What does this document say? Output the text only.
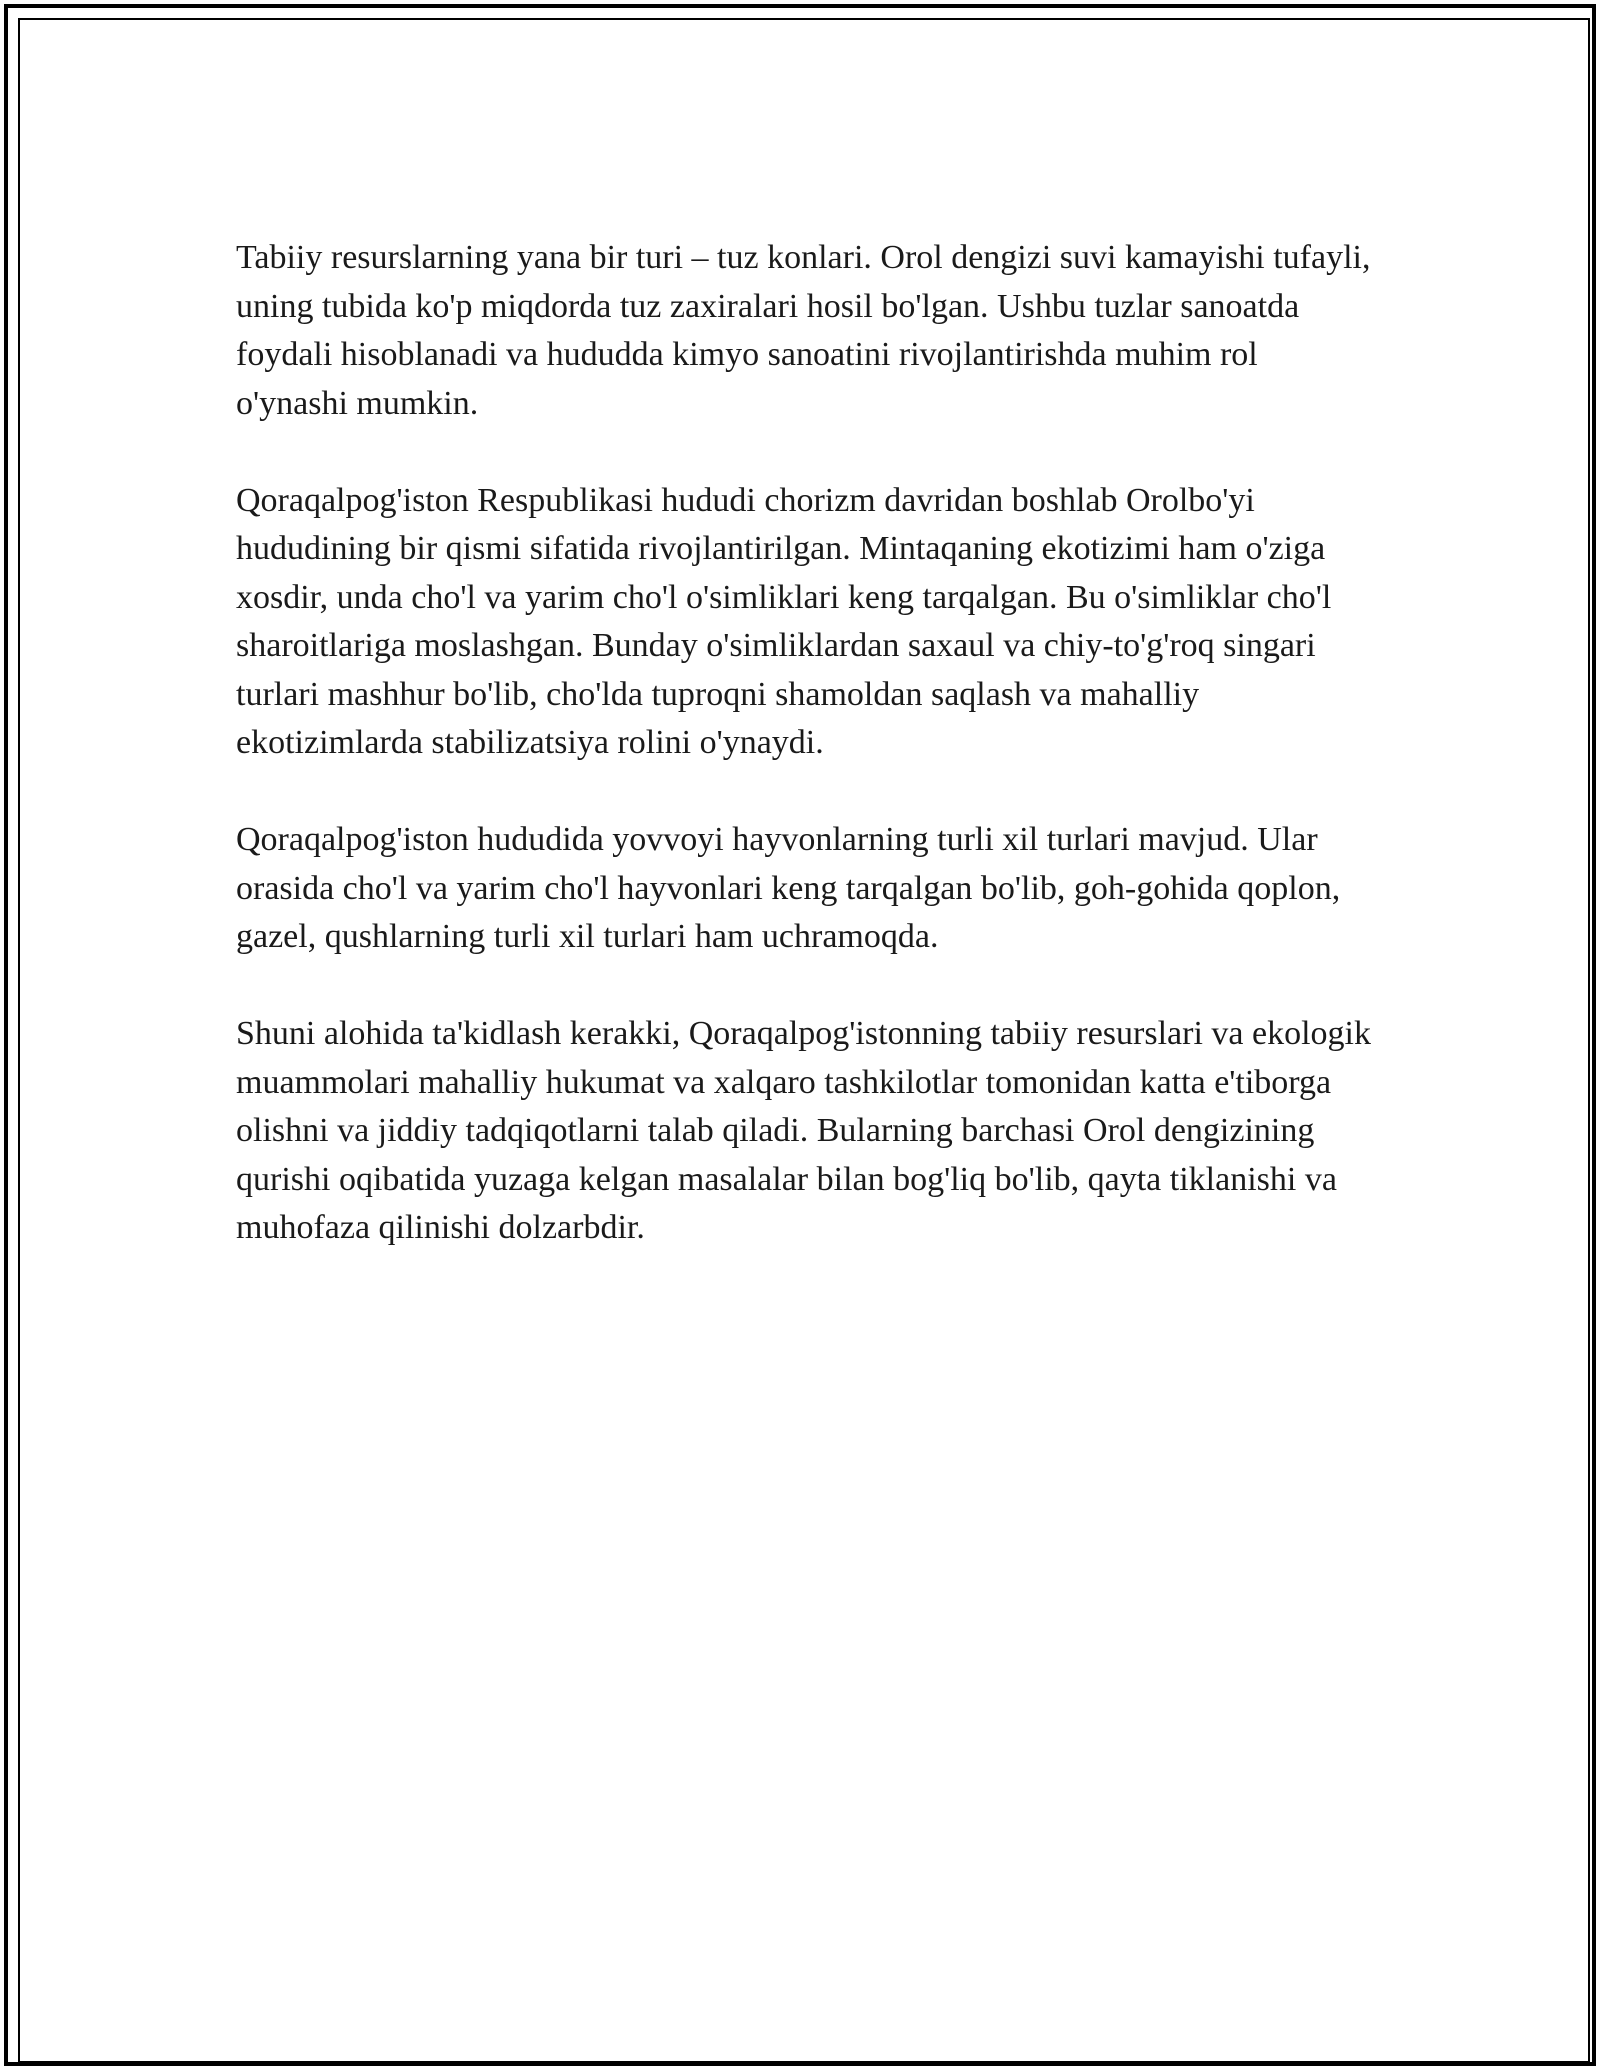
Tabiiy resurslarning yana bir turi – tuz konlari. Orol dengizi suvi kamayishi tufayli, uning tubida ko'p miqdorda tuz zaxiralari hosil bo'lgan. Ushbu tuzlar sanoatda foydali hisoblanadi va hududda kimyo sanoatini rivojlantirishda muhim rol o'ynashi mumkin.

Qoraqalpog'iston Respublikasi hududi chorizm davridan boshlab Orolbo'yi hududining bir qismi sifatida rivojlantirilgan. Mintaqaning ekotizimi ham o'ziga xosdir, unda cho'l va yarim cho'l o'simliklari keng tarqalgan. Bu o'simliklar cho'l sharoitlariga moslashgan. Bunday o'simliklardan saxaul va chiy-to'g'roq singari turlari mashhur bo'lib, cho'lda tuproqni shamoldan saqlash va mahalliy ekotizimlarda stabilizatsiya rolini o'ynaydi.

Qoraqalpog'iston hududida yovvoyi hayvonlarning turli xil turlari mavjud. Ular orasida cho'l va yarim cho'l hayvonlari keng tarqalgan bo'lib, goh-gohida qoplon, gazel, qushlarning turli xil turlari ham uchramoqda.

Shuni alohida ta'kidlash kerakki, Qoraqalpog'istonning tabiiy resurslari va ekologik muammolari mahalliy hukumat va xalqaro tashkilotlar tomonidan katta e'tiborga olishni va jiddiy tadqiqotlarni talab qiladi. Bularning barchasi Orol dengizining qurishi oqibatida yuzaga kelgan masalalar bilan bog'liq bo'lib, qayta tiklanishi va muhofaza qilinishi dolzarbdir.
